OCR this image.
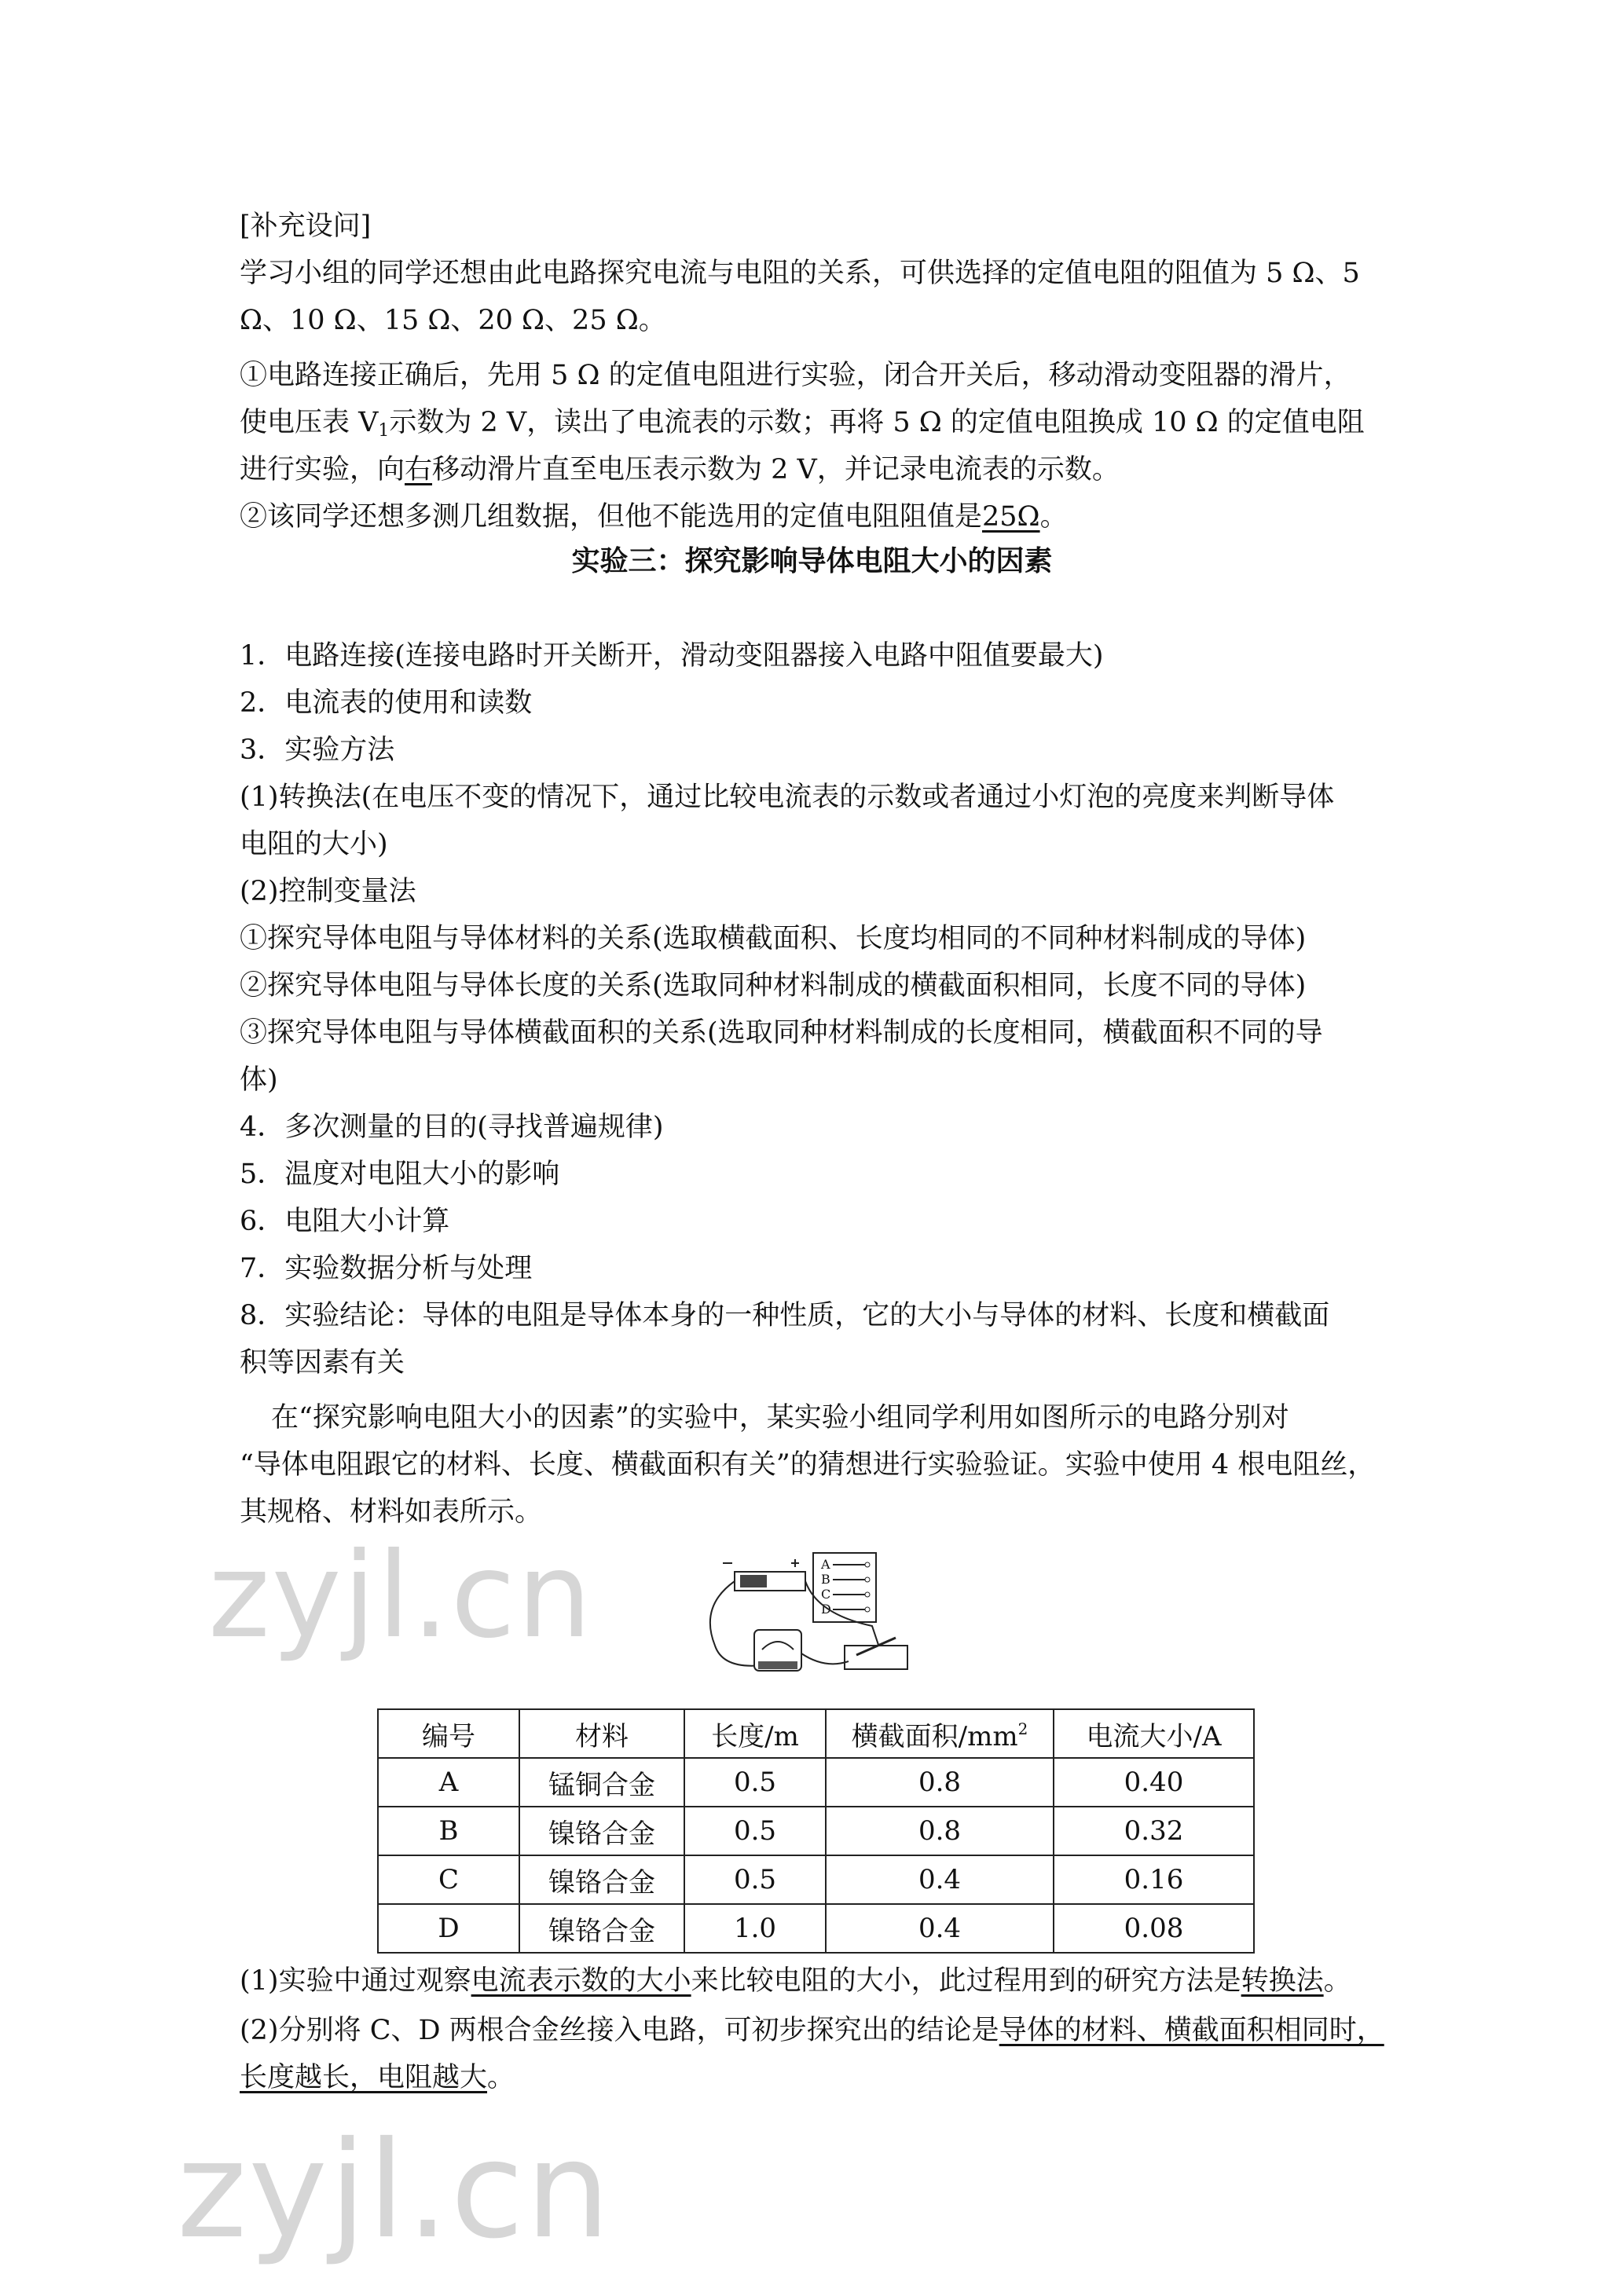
[补充设问]
学习小组的同学还想由此电路探究电流与电阻的关系，可供选择的定值电阻的阻值为 5 Ω、5
Ω、10 Ω、15 Ω、20 Ω、25 Ω。
①电路连接正确后，先用 5 Ω 的定值电阻进行实验，闭合开关后，移动滑动变阻器的滑片，
使电压表 $V_1$示数为 2 V，读出了电流表的示数；再将 5 Ω 的定值电阻换成 10 Ω 的定值电阻
进行实验，向右移动滑片直至电压表示数为 2 V，并记录电流表的示数。
②该同学还想多测几组数据，但他不能选用的定值电阻阻值是25Ω。
实验三：探究影响导体电阻大小的因素
1．电路连接(连接电路时开关断开，滑动变阻器接入电路中阻值要最大)
2．电流表的使用和读数
3．实验方法
(1)转换法(在电压不变的情况下，通过比较电流表的示数或者通过小灯泡的亮度来判断导体
电阻的大小)
(2)控制变量法
①探究导体电阻与导体材料的关系(选取横截面积、长度均相同的不同种材料制成的导体)
②探究导体电阻与导体长度的关系(选取同种材料制成的横截面积相同，长度不同的导体)
③探究导体电阻与导体横截面积的关系(选取同种材料制成的长度相同，横截面积不同的导
体)
4．多次测量的目的(寻找普遍规律)
5．温度对电阻大小的影响
6．电阻大小计算
7．实验数据分析与处理
8．实验结论：导体的电阻是导体本身的一种性质，它的大小与导体的材料、长度和横截面
积等因素有关
在“探究影响电阻大小的因素”的实验中，某实验小组同学利用如图所示的电路分别对
“导体电阻跟它的材料、长度、横截面积有关”的猜想进行实验验证。实验中使用 4 根电阻丝，
其规格、材料如表所示。
zyjl.cn
zyjl.cn
A
B
C
D
编号	材料	长度/m	横截面积$/mm^2$	电流大小/A
A	锰铜合金	0.5	0.8	0.40
B	镍铬合金	0.5	0.8	0.32
C	镍铬合金	0.5	0.4	0.16
D	镍铬合金	1.0	0.4	0.08
(1)实验中通过观察电流表示数的大小来比较电阻的大小，此过程用到的研究方法是转换法。
(2)分别将 C、D 两根合金丝接入电路，可初步探究出的结论是导体的材料、横截面积相同时，
长度越长，电阻越大。
